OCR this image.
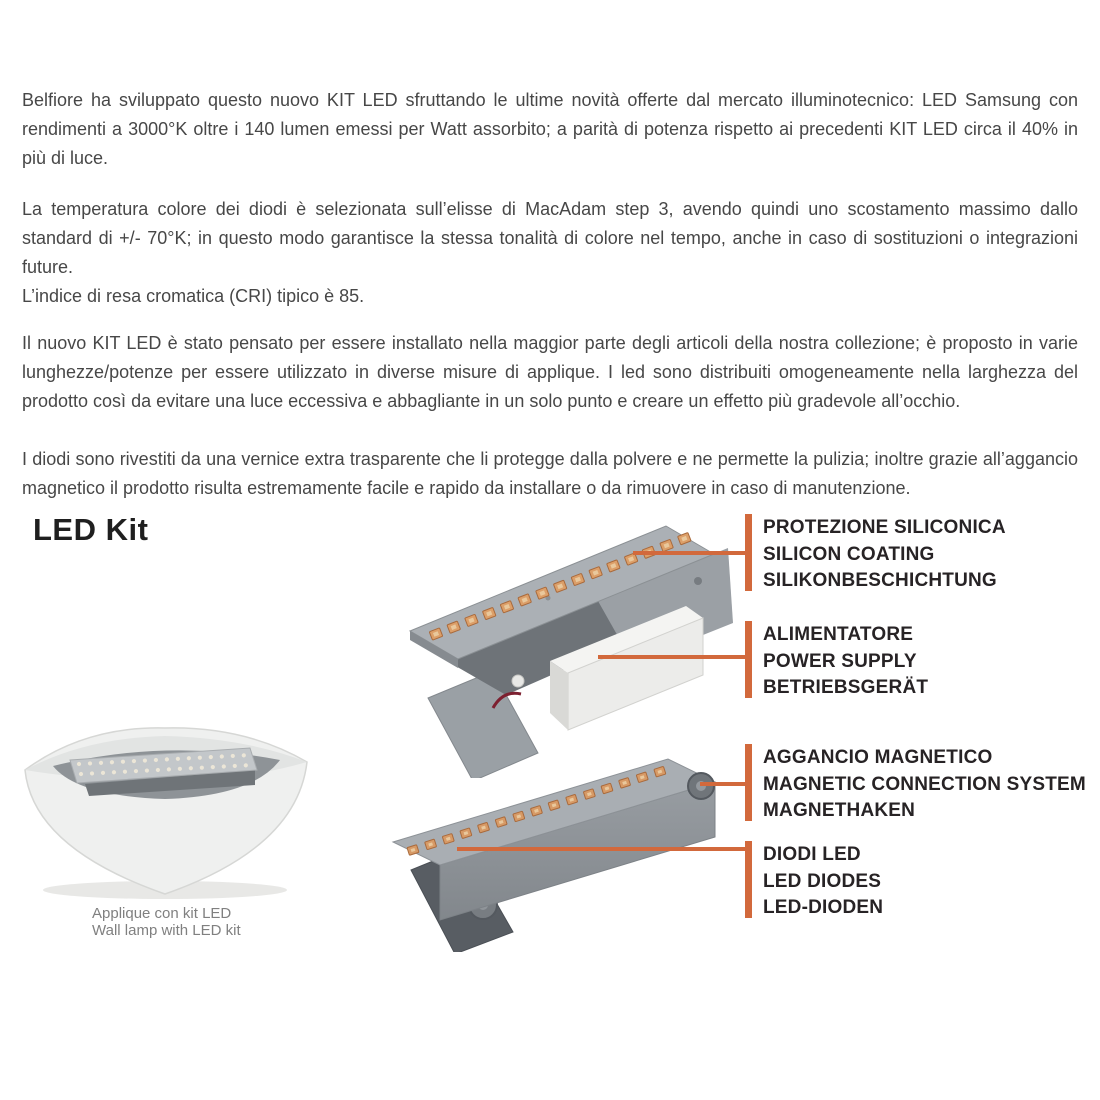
Belfiore ha sviluppato questo nuovo KIT LED sfruttando le ultime novità offerte dal mercato illuminotecnico: LED Samsung con rendimenti a 3000°K oltre i 140 lumen emessi per Watt assorbito; a parità di potenza rispetto ai precedenti KIT LED circa il 40% in più di luce.
La temperatura colore dei diodi è selezionata sull’elisse di MacAdam step 3, avendo quindi uno scostamento massimo dallo standard di +/- 70°K; in questo modo garantisce la stessa tonalità di colore nel tempo, anche in caso di sostituzioni o integrazioni future.
L’indice di resa cromatica (CRI) tipico è 85.
Il nuovo KIT LED è stato pensato per essere installato nella maggior parte degli articoli della nostra collezione; è proposto in varie lunghezze/potenze per essere utilizzato in diverse misure di applique. I led sono distribuiti omogeneamente nella larghezza del prodotto così da evitare una luce eccessiva e abbagliante in un solo punto e creare un effetto più gradevole all’occhio.
I diodi sono rivestiti da una vernice extra trasparente che li protegge dalla polvere e ne permette la pulizia; inoltre grazie all’aggancio magnetico il prodotto risulta estremamente facile e rapido da installare o da rimuovere in caso di manutenzione.
LED Kit
Applique con kit LED
Wall lamp with LED kit
PROTEZIONE SILICONICA
SILICON COATING
SILIKONBESCHICHTUNG
ALIMENTATORE
POWER SUPPLY
BETRIEBSGERÄT
AGGANCIO MAGNETICO
MAGNETIC CONNECTION SYSTEM
MAGNETHAKEN
DIODI LED
LED DIODES
LED-DIODEN
